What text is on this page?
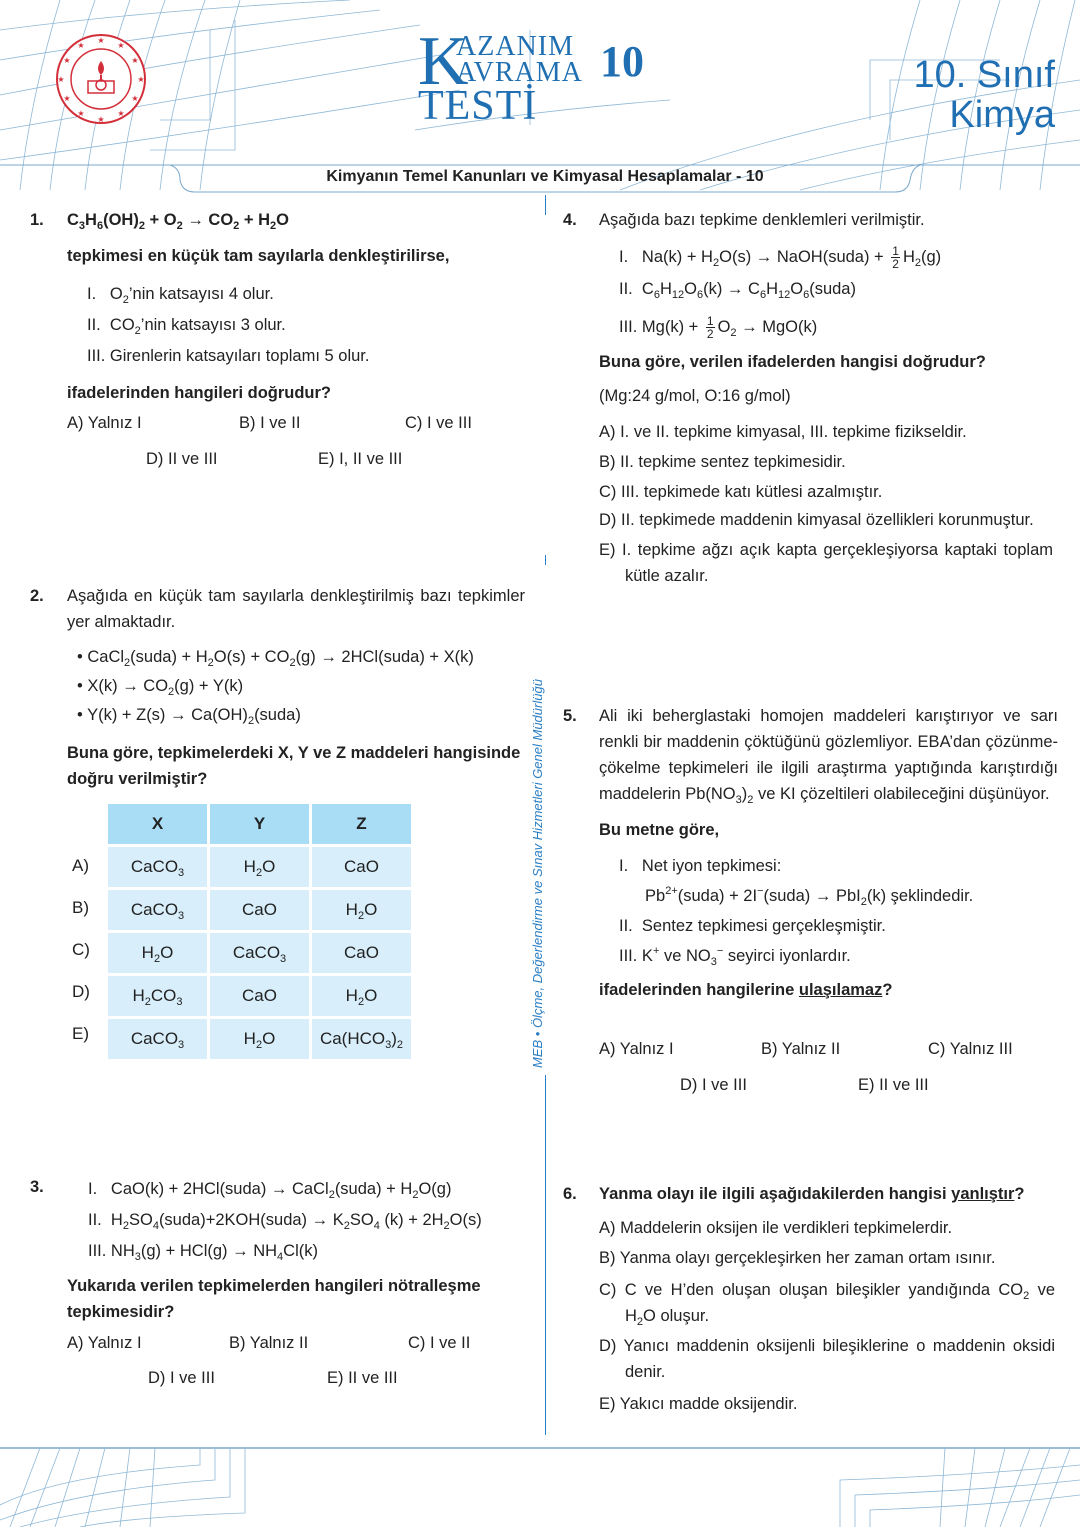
★
★
★
★
★
★
★
★
★
★
★
★	K
AZANIM
AVRAMA
TESTİ
10	10. Sınıf
Kimya
Kimyanın Temel Kanunları ve Kimyasal Hesaplamalar - 10
MEB • Ölçme, Değerlendirme ve Sınav Hizmetleri Genel Müdürlüğü
1. $C_3H_6(OH)_2 + O_2 \to CO_2 + H_2O$
tepkimesi en küçük tam sayılarla denkleştirilirse,
I.   $O_2’nin$ katsayısı 4 olur.
II.  $CO_2’nin$ katsayısı 3 olur.
III. Girenlerin katsayıları toplamı 5 olur.
ifadelerinden hangileri doğrudur?
A) Yalnız I	B) I ve II	C) I ve III
D) II ve III	E) I, II ve III
2. Aşağıda en küçük tam sayılarla denkleştirilmiş bazı tepkimler yer almaktadır.
• CaCl$_2$(suda) + $H_2O(s) + CO_2(g)$ → 2HCl(suda) + X(k)
• $X(k) \to CO_2(g) + Y(k)$
• $Y(k) + Z(s) \to Ca(OH)_2(suda)$
Buna göre, tepkimelerdeki X, Y ve Z maddeleri hangisinde doğru verilmiştir?
X	Y	Z
CaCO$_3$	$H_2O$	CaO
CaCO$_3$	CaO	$H_2O$
$H_2O$	CaCO$_3$	CaO
$H_2CO_3$	CaO	$H_2O$
CaCO$_3$	$H_2O$	$Ca(HCO_3)_2$
A)
B)
C)
D)
E)
3.	I.   CaO(k) + 2HCl(suda) → CaCl$_2$(suda) + $H_2O(g)$
II.  $H_2SO_4(suda)+2KOH(suda) \to K_2SO_4$ $(k) + 2H_2O(s)$
III. $NH_3(g) + HCl(g) \to NH_4Cl(k)$
Yukarıda verilen tepkimelerden hangileri nötralleşme tepkimesidir?
A) Yalnız I	B) Yalnız II	C) I ve II
D) I ve III	E) II ve III
4. Aşağıda bazı tepkime denklemleri verilmiştir.
I.   $Na(k) + H_2O(s)$ → NaOH(suda) + $\frac{1}{2} H_2(g)$
II.  $C_6H_{12}O_6(k)$ → $C_6H_{12}O_6(suda)$
III. $Mg(k) + \frac{1}{2} O_2 \to MgO(k)$
Buna göre, verilen ifadelerden hangisi doğrudur?
(Mg:24 g/mol, O:16 g/mol)
A) I. ve II. tepkime kimyasal, III. tepkime fizikseldir.
B) II. tepkime sentez tepkimesidir.
C) III. tepkimede katı kütlesi azalmıştır.
D) II. tepkimede maddenin kimyasal özellikleri korunmuştur.
E) I. tepkime ağzı açık kapta gerçekleşiyorsa kaptaki toplam kütle azalır.
5. Ali iki beherglastaki homojen maddeleri karıştırıyor ve sarı renkli bir maddenin çöktüğünü gözlemliyor. EBA’dan çözünme-çökelme tepkimeleri ile ilgili araştırma yaptığında karıştırdığı maddelerin $Pb(NO_3)_2$ ve KI çözeltileri olabileceğini düşünüyor.
Bu metne göre,
I.   Net iyon tepkimesi:
$Pb^{2+}(suda)$ + 2I−(suda) → PbI$_2$(k) şeklindedir.
II.  Sentez tepkimesi gerçekleşmiştir.
III. K+ ve $NO_3^-$ seyirci iyonlardır.
ifadelerinden hangilerine ulaşılamaz?
A) Yalnız I	B) Yalnız II	C) Yalnız III
D) I ve III	E) II ve III
6. Yanma olayı ile ilgili aşağıdakilerden hangisi yanlıştır?
A) Maddelerin oksijen ile verdikleri tepkimelerdir.
B) Yanma olayı gerçekleşirken her zaman ortam ısınır.
C) C ve H’den oluşan oluşan bileşikler yandığında $CO_2$ ve $H_2O$ oluşur.
D) Yanıcı maddenin oksijenli bileşiklerine o maddenin oksidi denir.
E) Yakıcı madde oksijendir.
